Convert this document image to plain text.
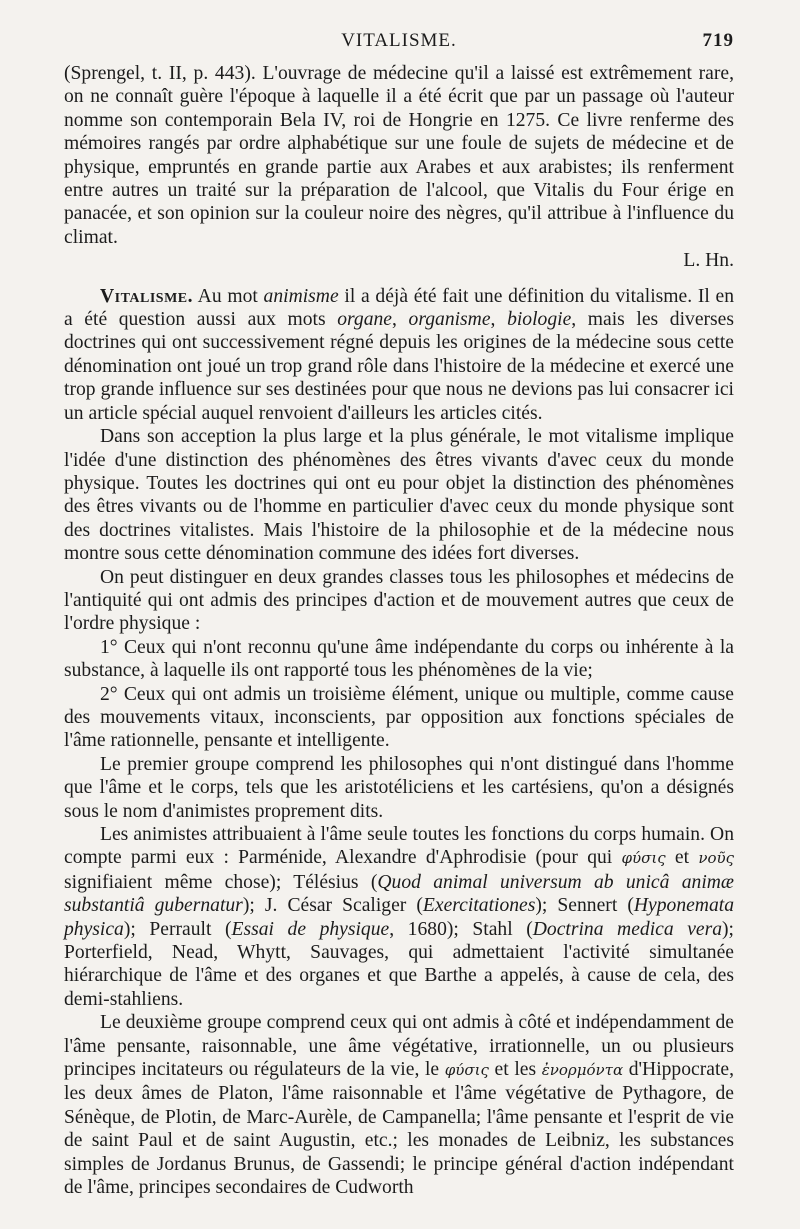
VITALISME.	719

(Sprengel, t. II, p. 443). L'ouvrage de médecine qu'il a laissé est extrêmement rare, on ne connaît guère l'époque à laquelle il a été écrit que par un passage où l'auteur nomme son contemporain Bela IV, roi de Hongrie en 1275. Ce livre renferme des mémoires rangés par ordre alphabétique sur une foule de sujets de médecine et de physique, empruntés en grande partie aux Arabes et aux arabistes; ils renferment entre autres un traité sur la préparation de l'alcool, que Vitalis du Four érige en panacée, et son opinion sur la couleur noire des nègres, qu'il attribue à l'influence du climat.
L. Hn.

Vitalisme. Au mot animisme il a déjà été fait une définition du vitalisme. Il en a été question aussi aux mots organe, organisme, biologie, mais les diverses doctrines qui ont successivement régné depuis les origines de la médecine sous cette dénomination ont joué un trop grand rôle dans l'histoire de la médecine et exercé une trop grande influence sur ses destinées pour que nous ne devions pas lui consacrer ici un article spécial auquel renvoient d'ailleurs les articles cités.

Dans son acception la plus large et la plus générale, le mot vitalisme implique l'idée d'une distinction des phénomènes des êtres vivants d'avec ceux du monde physique. Toutes les doctrines qui ont eu pour objet la distinction des phénomènes des êtres vivants ou de l'homme en particulier d'avec ceux du monde physique sont des doctrines vitalistes. Mais l'histoire de la philosophie et de la médecine nous montre sous cette dénomination commune des idées fort diverses.

On peut distinguer en deux grandes classes tous les philosophes et médecins de l'antiquité qui ont admis des principes d'action et de mouvement autres que ceux de l'ordre physique :

1° Ceux qui n'ont reconnu qu'une âme indépendante du corps ou inhérente à la substance, à laquelle ils ont rapporté tous les phénomènes de la vie;

2° Ceux qui ont admis un troisième élément, unique ou multiple, comme cause des mouvements vitaux, inconscients, par opposition aux fonctions spéciales de l'âme rationnelle, pensante et intelligente.

Le premier groupe comprend les philosophes qui n'ont distingué dans l'homme que l'âme et le corps, tels que les aristotéliciens et les cartésiens, qu'on a désignés sous le nom d'animistes proprement dits.

Les animistes attribuaient à l'âme seule toutes les fonctions du corps humain. On compte parmi eux : Parménide, Alexandre d'Aphrodisie (pour qui φύσις et νοῦς signifiaient même chose); Télésius (Quod animal universum ab unicâ animæ substantiâ gubernatur); J. César Scaliger (Exercitationes); Sennert (Hyponemata physica); Perrault (Essai de physique, 1680); Stahl (Doctrina medica vera); Porterfield, Nead, Whytt, Sauvages, qui admettaient l'activité simultanée hiérarchique de l'âme et des organes et que Barthe a appelés, à cause de cela, des demi-stahliens.

Le deuxième groupe comprend ceux qui ont admis à côté et indépendamment de l'âme pensante, raisonnable, une âme végétative, irrationnelle, un ou plusieurs principes incitateurs ou régulateurs de la vie, le φύσις et les ἐνορμόντα d'Hippocrate, les deux âmes de Platon, l'âme raisonnable et l'âme végétative de Pythagore, de Sénèque, de Plotin, de Marc-Aurèle, de Campanella; l'âme pensante et l'esprit de vie de saint Paul et de saint Augustin, etc.; les monades de Leibniz, les substances simples de Jordanus Brunus, de Gassendi; le principe général d'action indépendant de l'âme, principes secondaires de Cudworth
